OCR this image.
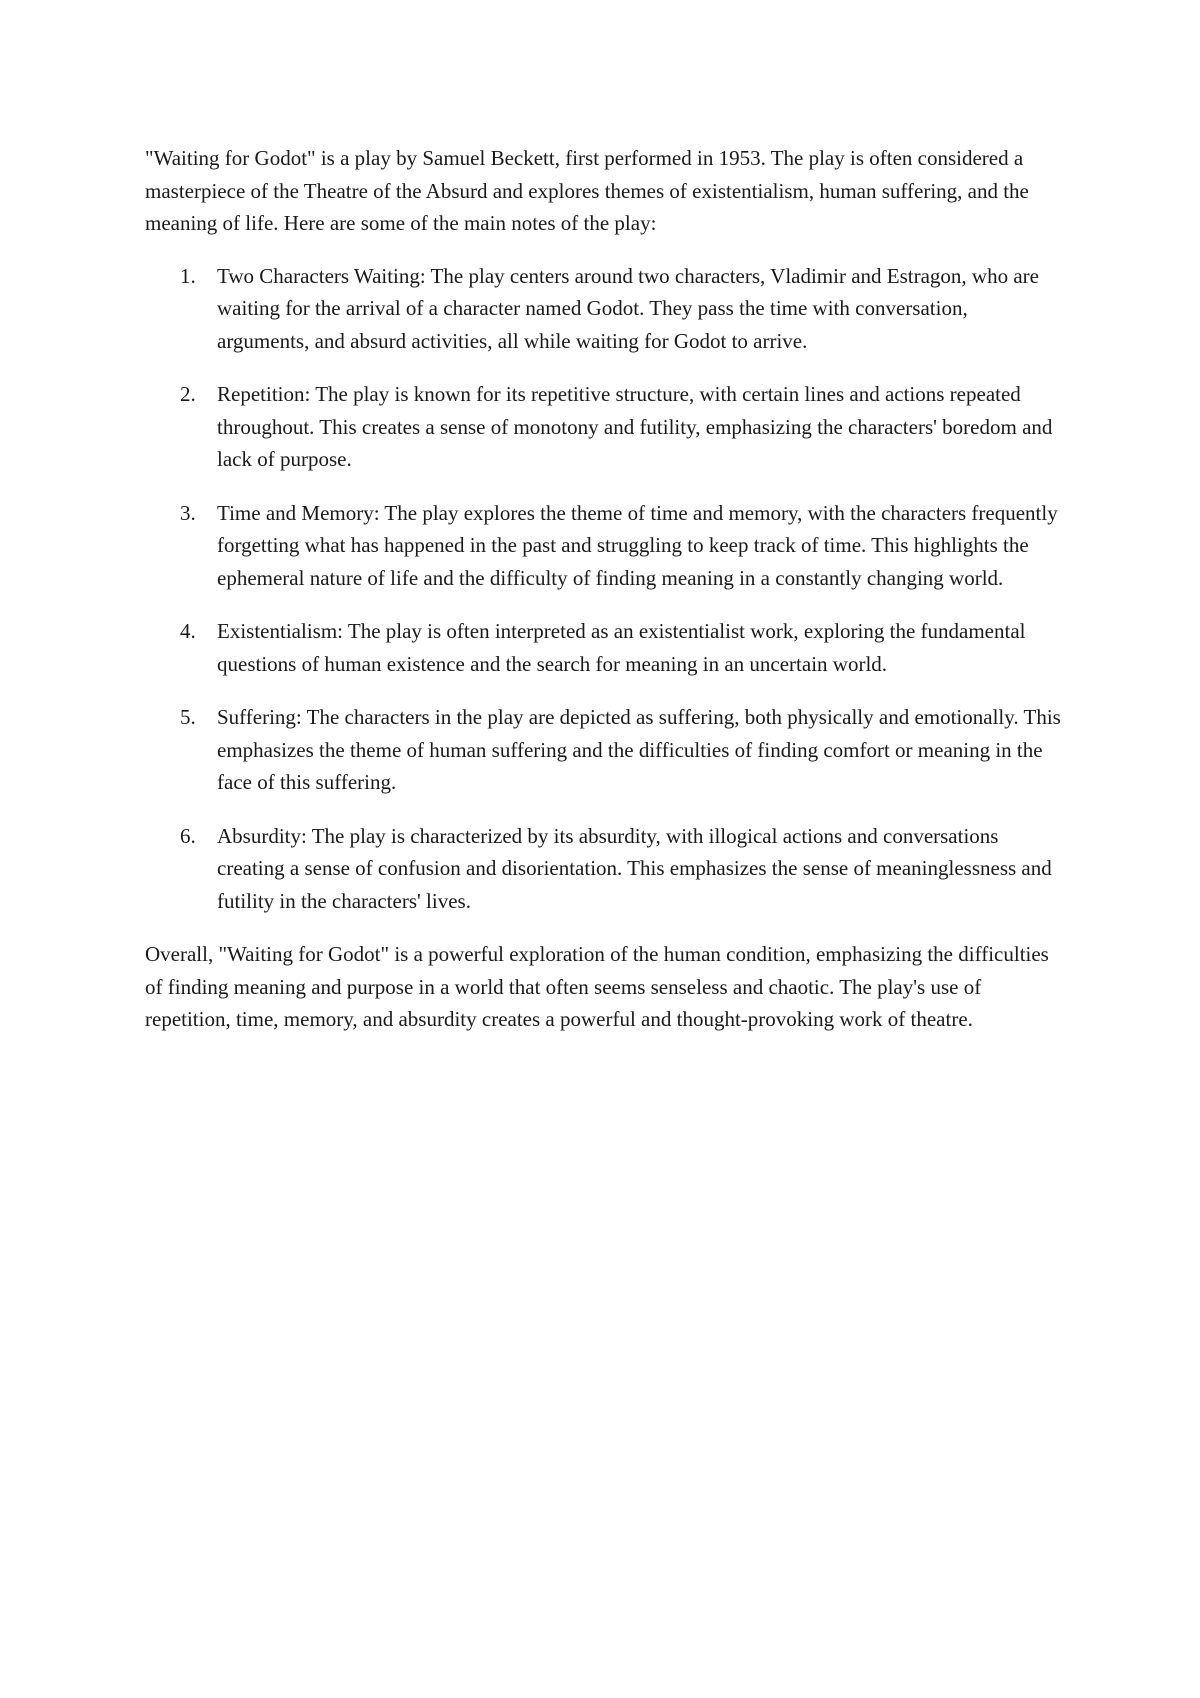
"Waiting for Godot" is a play by Samuel Beckett, first performed in 1953. The play is often considered a masterpiece of the Theatre of the Absurd and explores themes of existentialism, human suffering, and the meaning of life. Here are some of the main notes of the play:

1. Two Characters Waiting: The play centers around two characters, Vladimir and Estragon, who are waiting for the arrival of a character named Godot. They pass the time with conversation, arguments, and absurd activities, all while waiting for Godot to arrive.
2. Repetition: The play is known for its repetitive structure, with certain lines and actions repeated throughout. This creates a sense of monotony and futility, emphasizing the characters' boredom and lack of purpose.
3. Time and Memory: The play explores the theme of time and memory, with the characters frequently forgetting what has happened in the past and struggling to keep track of time. This highlights the ephemeral nature of life and the difficulty of finding meaning in a constantly changing world.
4. Existentialism: The play is often interpreted as an existentialist work, exploring the fundamental questions of human existence and the search for meaning in an uncertain world.
5. Suffering: The characters in the play are depicted as suffering, both physically and emotionally. This emphasizes the theme of human suffering and the difficulties of finding comfort or meaning in the face of this suffering.
6. Absurdity: The play is characterized by its absurdity, with illogical actions and conversations creating a sense of confusion and disorientation. This emphasizes the sense of meaninglessness and futility in the characters' lives.

Overall, "Waiting for Godot" is a powerful exploration of the human condition, emphasizing the difficulties of finding meaning and purpose in a world that often seems senseless and chaotic. The play's use of repetition, time, memory, and absurdity creates a powerful and thought-provoking work of theatre.
